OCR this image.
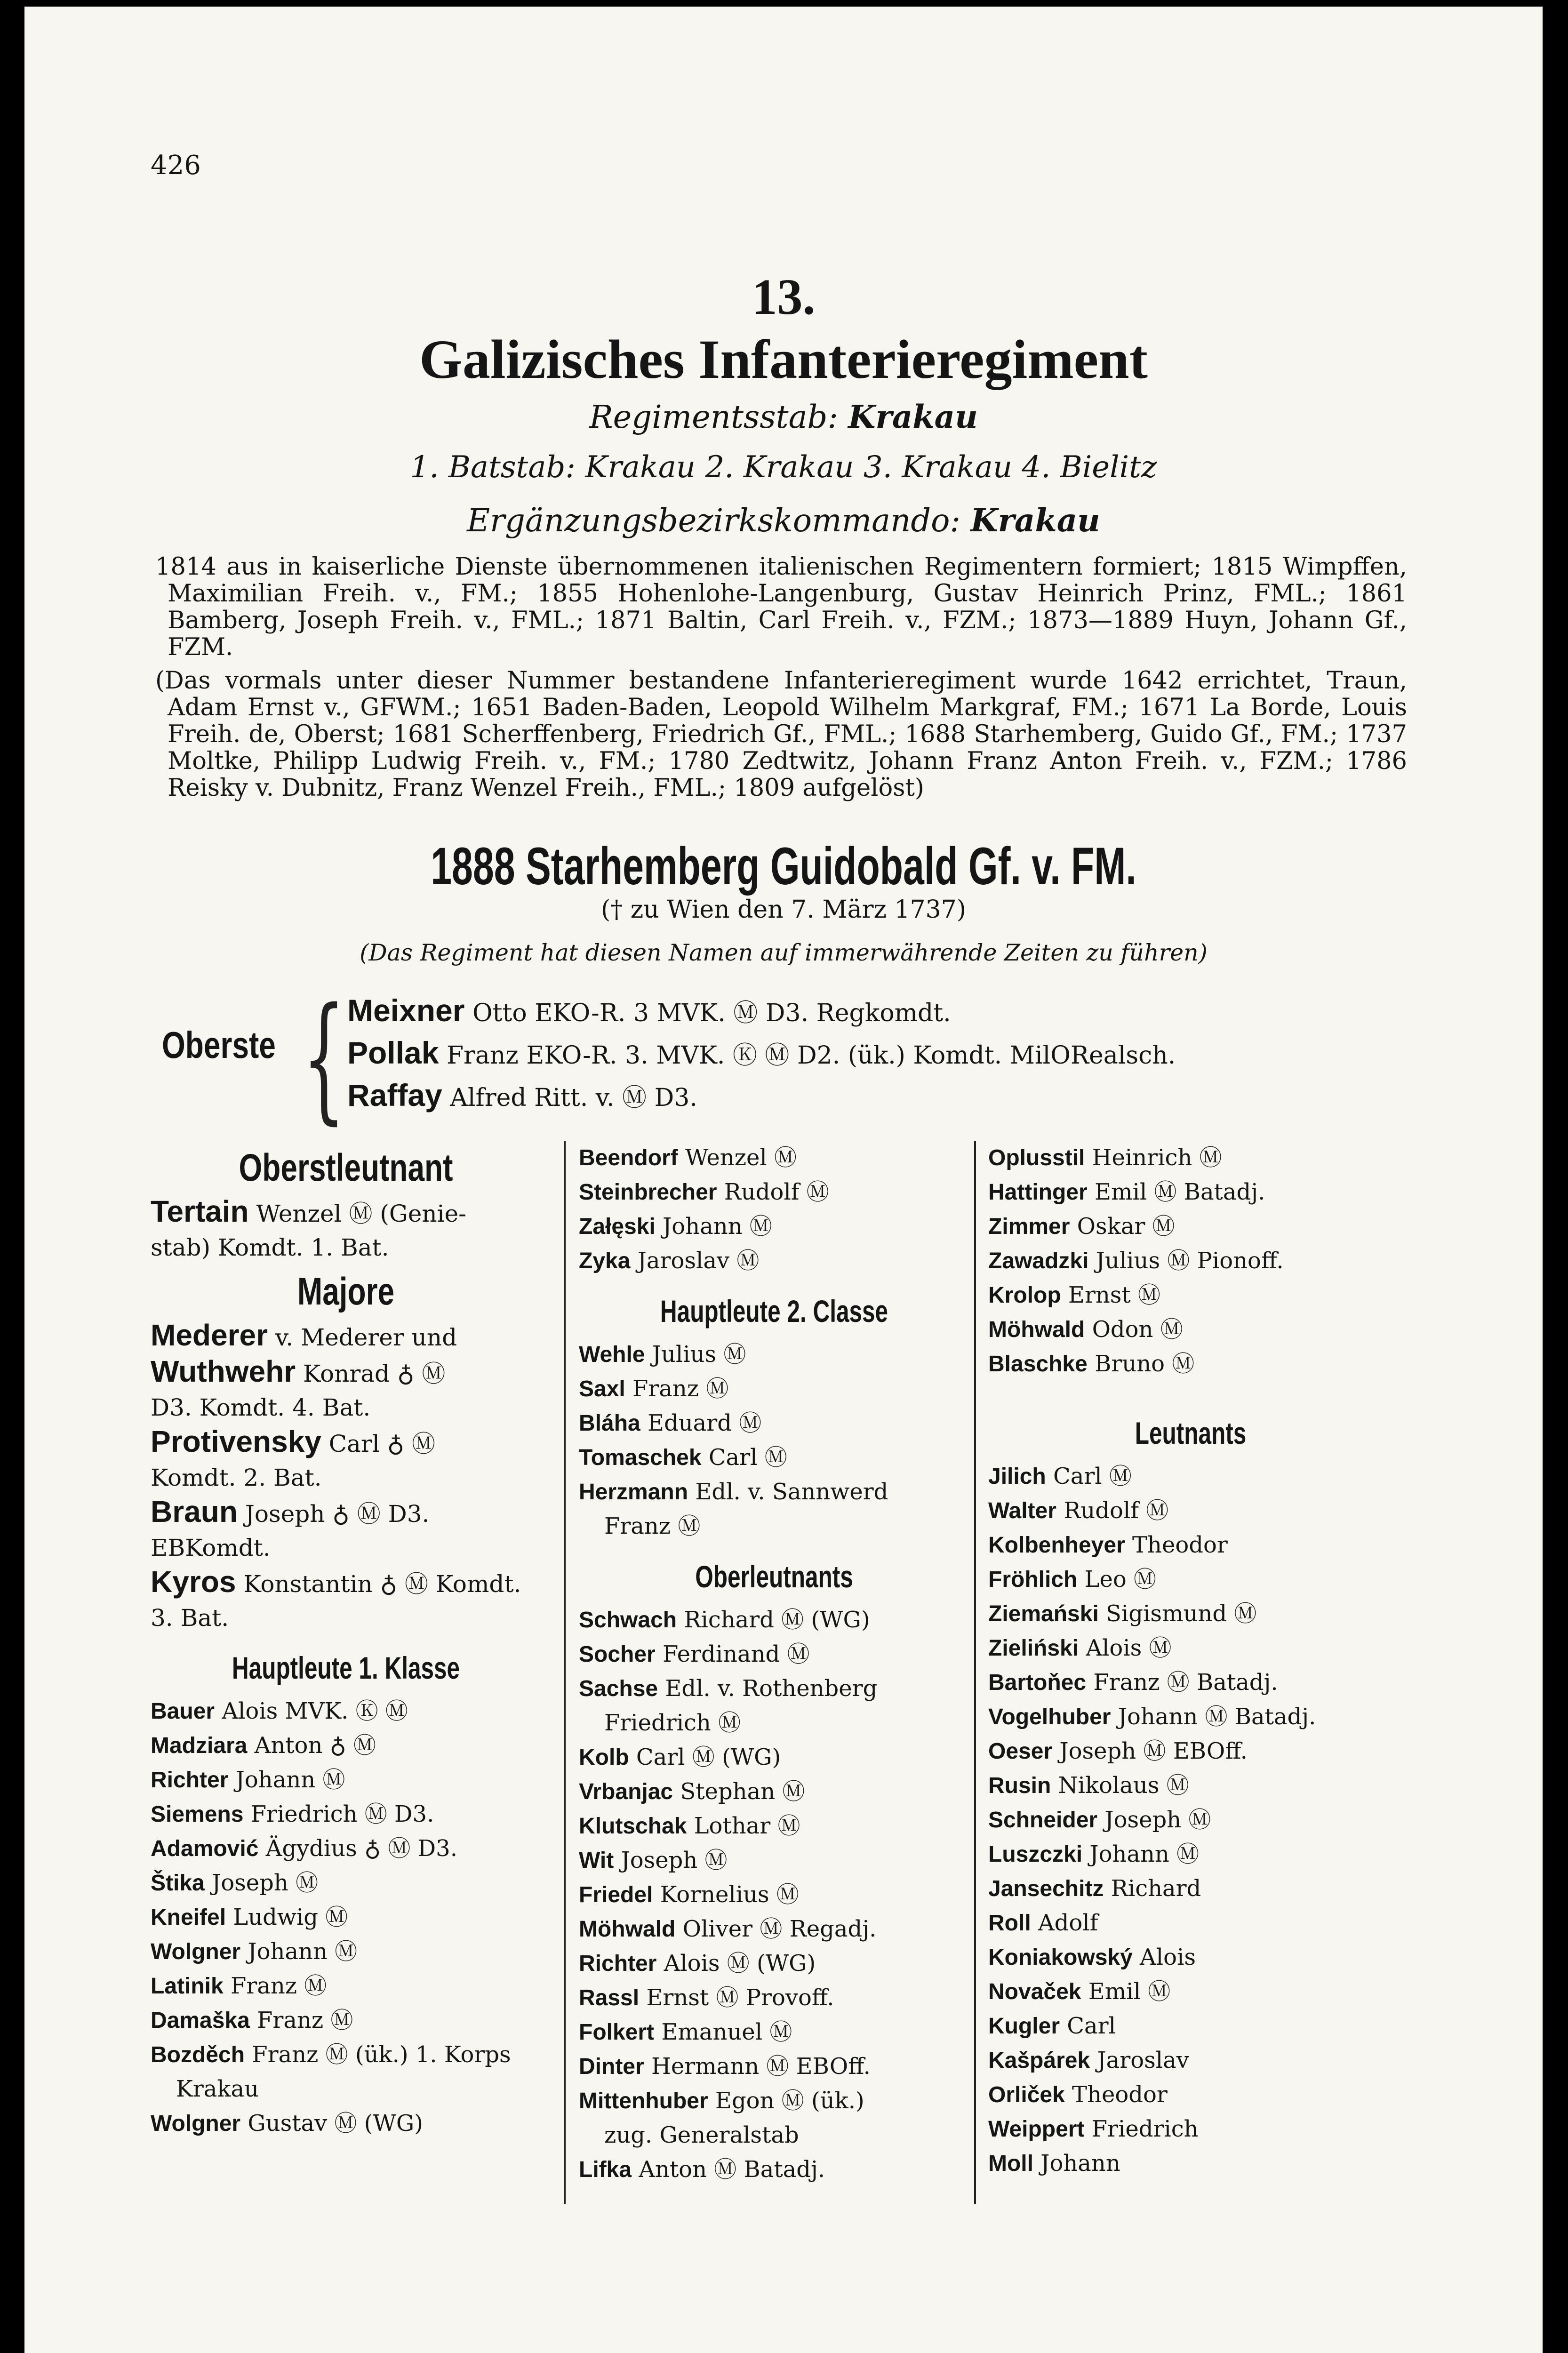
426
13.
Galizisches Infanterieregiment
Regimentsstab: Krakau
1. Batstab: Krakau 2. Krakau 3. Krakau 4. Bielitz
Ergänzungsbezirkskommando: Krakau
1814 aus in kaiserliche Dienste übernommenen italienischen Regimentern formiert; 1815 Wimpffen, Maximilian Freih. v., FM.; 1855 Hohenlohe-Langenburg, Gustav Heinrich Prinz, FML.; 1861 Bamberg, Joseph Freih. v., FML.; 1871 Baltin, Carl Freih. v., FZM.; 1873—1889 Huyn, Johann Gf., FZM.
(Das vormals unter dieser Nummer bestandene Infanterieregiment wurde 1642 errichtet, Traun, Adam Ernst v., GFWM.; 1651 Baden-Baden, Leopold Wilhelm Markgraf, FM.; 1671 La Borde, Louis Freih. de, Oberst; 1681 Scherffenberg, Friedrich Gf., FML.; 1688 Starhemberg, Guido Gf., FM.; 1737 Moltke, Philipp Ludwig Freih. v., FM.; 1780 Zedtwitz, Johann Franz Anton Freih. v., FZM.; 1786 Reisky v. Dubnitz, Franz Wenzel Freih., FML.; 1809 aufgelöst)
1888 Starhemberg Guidobald Gf. v. FM.
(† zu Wien den 7. März 1737)
(Das Regiment hat diesen Namen auf immerwährende Zeiten zu führen)
Oberste { Meixner Otto EKO-R. 3 MVK. Ⓜ D3. Regkomdt.
Pollak Franz EKO-R. 3. MVK. Ⓚ Ⓜ D2. (ük.) Komdt. MilORealsch.
Raffay Alfred Ritt. v. Ⓜ D3.
Oberstleutnant
Tertain Wenzel Ⓜ (Genie-
stab) Komdt. 1. Bat.
Majore
Mederer v. Mederer und
Wuthwehr Konrad ♁ Ⓜ
D3. Komdt. 4. Bat.
Protivensky Carl ♁ Ⓜ
Komdt. 2. Bat.
Braun Joseph ♁ Ⓜ D3.
EBKomdt.
Kyros Konstantin ♁ Ⓜ Komdt.
3. Bat.
Hauptleute 1. Klasse
Bauer Alois MVK. Ⓚ Ⓜ
Madziara Anton ♁ Ⓜ
Richter Johann Ⓜ
Siemens Friedrich Ⓜ D3.
Adamović Ägydius ♁ Ⓜ D3.
Štika Joseph Ⓜ
Kneifel Ludwig Ⓜ
Wolgner Johann Ⓜ
Latinik Franz Ⓜ
Damaška Franz Ⓜ
Bozděch Franz Ⓜ (ük.) 1. Korps
Krakau
Wolgner Gustav Ⓜ (WG)
Beendorf Wenzel Ⓜ
Steinbrecher Rudolf Ⓜ
Załęski Johann Ⓜ
Zyka Jaroslav Ⓜ
Hauptleute 2. Classe
Wehle Julius Ⓜ
Saxl Franz Ⓜ
Bláha Eduard Ⓜ
Tomaschek Carl Ⓜ
Herzmann Edl. v. Sannwerd
Franz Ⓜ
Oberleutnants
Schwach Richard Ⓜ (WG)
Socher Ferdinand Ⓜ
Sachse Edl. v. Rothenberg
Friedrich Ⓜ
Kolb Carl Ⓜ (WG)
Vrbanjac Stephan Ⓜ
Klutschak Lothar Ⓜ
Wit Joseph Ⓜ
Friedel Kornelius Ⓜ
Möhwald Oliver Ⓜ Regadj.
Richter Alois Ⓜ (WG)
Rassl Ernst Ⓜ Provoff.
Folkert Emanuel Ⓜ
Dinter Hermann Ⓜ EBOff.
Mittenhuber Egon Ⓜ (ük.)
zug. Generalstab
Lifka Anton Ⓜ Batadj.
Oplusstil Heinrich Ⓜ
Hattinger Emil Ⓜ Batadj.
Zimmer Oskar Ⓜ
Zawadzki Julius Ⓜ Pionoff.
Krolop Ernst Ⓜ
Möhwald Odon Ⓜ
Blaschke Bruno Ⓜ
Leutnants
Jilich Carl Ⓜ
Walter Rudolf Ⓜ
Kolbenheyer Theodor
Fröhlich Leo Ⓜ
Ziemański Sigismund Ⓜ
Zieliński Alois Ⓜ
Bartoňec Franz Ⓜ Batadj.
Vogelhuber Johann Ⓜ Batadj.
Oeser Joseph Ⓜ EBOff.
Rusin Nikolaus Ⓜ
Schneider Joseph Ⓜ
Luszczki Johann Ⓜ
Jansechitz Richard
Roll Adolf
Koniakowský Alois
Novaček Emil Ⓜ
Kugler Carl
Kašpárek Jaroslav
Orliček Theodor
Weippert Friedrich
Moll Johann
